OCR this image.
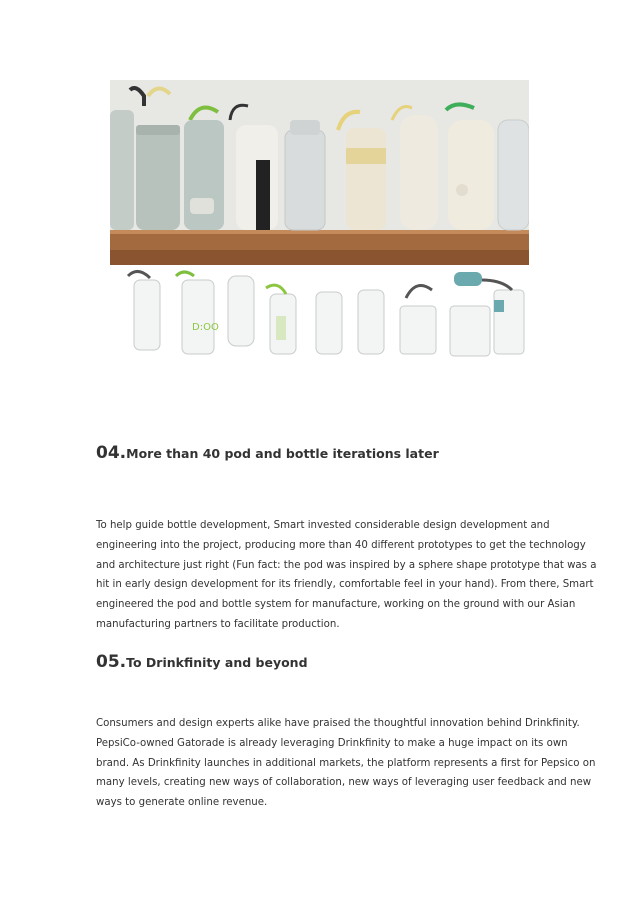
D:OO
04.More than 40 pod and bottle iterations later
To help guide bottle development, Smart invested considerable design development and
engineering into the project, producing more than 40 different prototypes to get the technology
and architecture just right (Fun fact: the pod was inspired by a sphere shape prototype that was a
hit in early design development for its friendly, comfortable feel in your hand). From there, Smart
engineered the pod and bottle system for manufacture, working on the ground with our Asian
manufacturing partners to facilitate production.
05.To Drinkfinity and beyond
Consumers and design experts alike have praised the thoughtful innovation behind Drinkfinity.
PepsiCo-owned Gatorade is already leveraging Drinkfinity to make a huge impact on its own
brand. As Drinkfinity launches in additional markets, the platform represents a first for Pepsico on
many levels, creating new ways of collaboration, new ways of leveraging user feedback and new
ways to generate online revenue.
